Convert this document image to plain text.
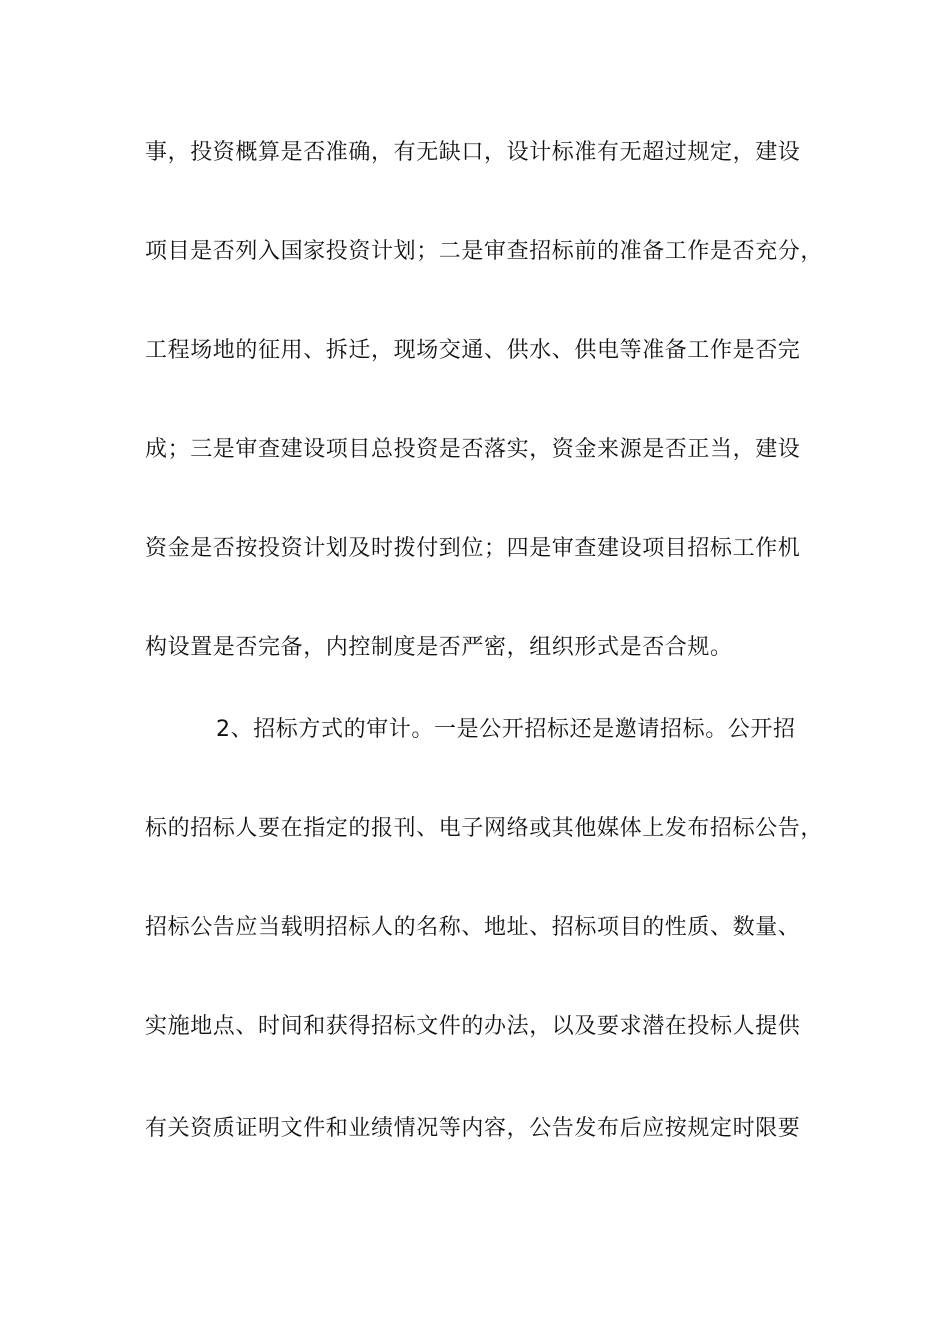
事，投资概算是否准确，有无缺口，设计标准有无超过规定，建设
项目是否列入国家投资计划；二是审查招标前的准备工作是否充分，
工程场地的征用、拆迁，现场交通、供水、供电等准备工作是否完
成；三是审查建设项目总投资是否落实，资金来源是否正当，建设
资金是否按投资计划及时拨付到位；四是审查建设项目招标工作机
构设置是否完备，内控制度是否严密，组织形式是否合规。
2、招标方式的审计。一是公开招标还是邀请招标。公开招
标的招标人要在指定的报刊、电子网络或其他媒体上发布招标公告，
招标公告应当载明招标人的名称、地址、招标项目的性质、数量、
实施地点、时间和获得招标文件的办法，以及要求潜在投标人提供
有关资质证明文件和业绩情况等内容，公告发布后应按规定时限要
